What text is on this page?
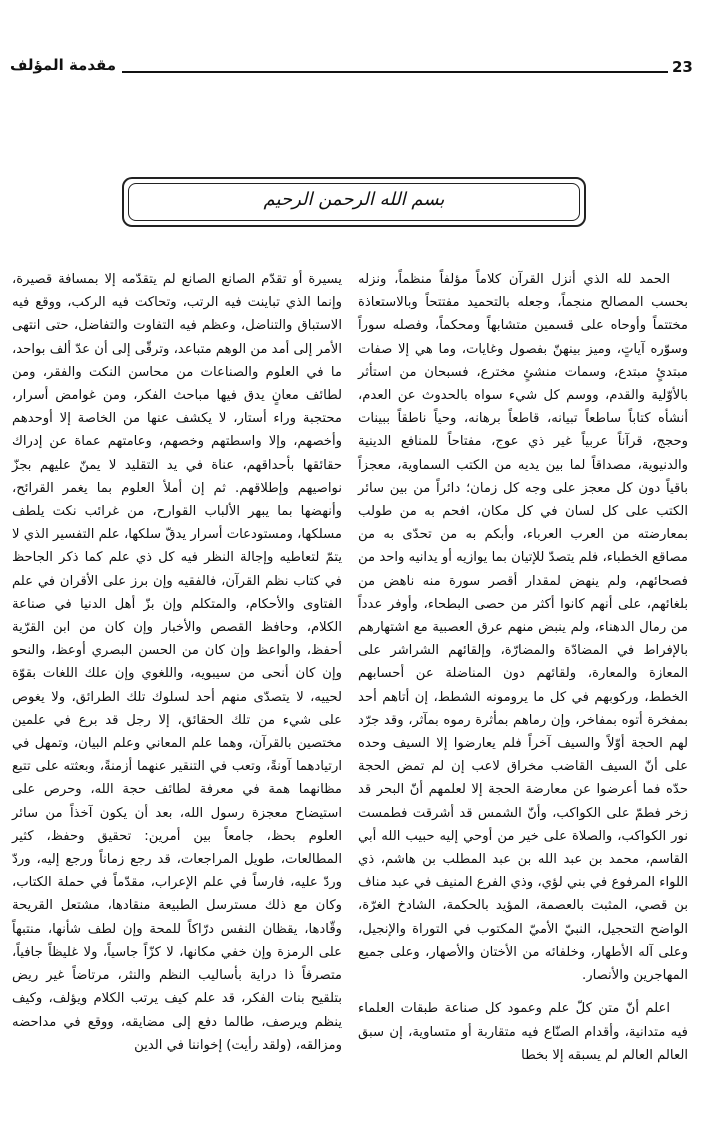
23
مقدمة المؤلف
بسم الله الرحمن الرحيم

الحمد لله الذي أنزل القرآن كلاماً مؤلفاً منظماً، ونزله بحسب المصالح منجماً، وجعله بالتحميد مفتتحاً وبالاستعاذة مختتماً وأوحاه على قسمين متشابهاً ومحكماً، وفصله سوراً وسوّره آياتٍ، وميز بينهنّ بفصول وغايات، وما هي إلا صفات مبتدئٍ مبتدع، وسمات منشئٍ مخترع، فسبحان من استأثر بالأوّلية والقدم، ووسم كل شيء سواه بالحدوث عن العدم، أنشأه كتاباً ساطعاً تبيانه، قاطعاً برهانه، وحياً ناطقاً ببينات وحجج، قرآناً عربياً غير ذي عوج، مفتاحاً للمنافع الدينية والدنيوية، مصداقاً لما بين يديه من الكتب السماوية، معجزاً باقياً دون كل معجز على وجه كل زمان؛ دائراً من بين سائر الكتب على كل لسان في كل مكان، افحم به من طولب بمعارضته من العرب العرباء، وأبكم به من تحدّى به من مصاقع الخطباء، فلم يتصدّ للإتيان بما يوازيه أو يدانيه واحد من فصحائهم، ولم ينهض لمقدار أقصر سورة منه ناهض من بلغائهم، على أنهم كانوا أكثر من حصى البطحاء، وأوفر عدداً من رمال الدهناء، ولم ينبض منهم عرق العصبية مع اشتهارهم بالإفراط في المضادّة والمضارّة، وإلقائهم الشراشر على المعازة والمعارة، ولقائهم دون المناضلة عن أحسابهم الخطط، وركوبهم في كل ما يرومونه الشطط، إن أتاهم أحد بمفخرة أتوه بمفاخر، وإن رماهم بمأثرة رموه بمآثر، وقد جرّد لهم الحجة أوّلاً والسيف آخراً فلم يعارضوا إلا السيف وحده على أنّ السيف القاضب مخراق لاعب إن لم تمض الحجة حدّه فما أعرضوا عن معارضة الحجة إلا لعلمهم أنّ البحر قد زخر فطمّ على الكواكب، وأنّ الشمس قد أشرقت فطمست نور الكواكب، والصلاة على خير من أوحي إليه حبيب الله أبي القاسم، محمد بن عبد الله بن عبد المطلب بن هاشم، ذي اللواء المرفوع في بني لؤي، وذي الفرع المنيف في عبد مناف بن قصي، المثبت بالعصمة، المؤيد بالحكمة، الشادخ الغرّة، الواضح التحجيل، النبيّ الأميّ المكتوب في التوراة والإنجيل، وعلى آله الأطهار، وخلفائه من الأختان والأصهار، وعلى جميع المهاجرين والأنصار.

اعلم أنّ متن كلّ علم وعمود كل صناعة طبقات العلماء فيه متدانية، وأقدام الصنّاع فيه متقاربة أو متساوية، إن سبق العالم العالم لم يسبقه إلا بخطا

يسيرة أو تقدّم الصانع الصانع لم يتقدّمه إلا بمسافة قصيرة، وإنما الذي تباينت فيه الرتب، وتحاكت فيه الركب، ووقع فيه الاستباق والتناضل، وعظم فيه التفاوت والتفاضل، حتى انتهى الأمر إلى أمد من الوهم متباعد، وترقّى إلى أن عدّ ألف بواحد، ما في العلوم والصناعات من محاسن النكت والفقر، ومن لطائف معانٍ يدق فيها مباحث الفكر، ومن غوامض أسرار، محتجبة وراء أستار، لا يكشف عنها من الخاصة إلا أوحدهم وأخصهم، وإلا واسطتهم وخصهم، وعامتهم عماة عن إدراك حقائقها بأحداقهم، عناة في يد التقليد لا يمنّ عليهم بجزّ نواصيهم وإطلاقهم. ثم إن أملأ العلوم بما يغمر القرائح، وأنهضها بما يبهر الألباب القوارح، من غرائب نكت يلطف مسلكها، ومستودعات أسرار يدقّ سلكها، علم التفسير الذي لا يتمّ لتعاطيه وإجالة النظر فيه كل ذي علم كما ذكر الجاحظ في كتاب نظم القرآن، فالفقيه وإن برز على الأقران في علم الفتاوى والأحكام، والمتكلم وإن بزّ أهل الدنيا في صناعة الكلام، وحافظ القصص والأخبار وإن كان من ابن القرّية أحفظ، والواعظ وإن كان من الحسن البصري أوعظ، والنحو وإن كان أنحى من سيبويه، واللغوي وإن علك اللغات بقوّة لحييه، لا يتصدّى منهم أحد لسلوك تلك الطرائق، ولا يغوص على شيء من تلك الحقائق، إلا رجل قد برع في علمين مختصين بالقرآن، وهما علم المعاني وعلم البيان، وتمهل في ارتيادهما آونةً، وتعب في التنقير عنهما أزمنةً، وبعثته على تتبع مظانهما همة في معرفة لطائف حجة الله، وحرص على استيضاح معجزة رسول الله، بعد أن يكون آخذاً من سائر العلوم بحظ، جامعاً بين أمرين: تحقيق وحفظ، كثير المطالعات، طويل المراجعات، قد رجع زماناً ورجع إليه، وردّ وردّ عليه، فارساً في علم الإعراب، مقدّماً في حملة الكتاب، وكان مع ذلك مسترسل الطبيعة منقادها، مشتعل القريحة وقّادها، يقظان النفس درّاكاً للمحة وإن لطف شأنها، منتبهاً على الرمزة وإن خفي مكانها، لا كزّاً جاسياً، ولا غليظاً جافياً، متصرفاً ذا دراية بأساليب النظم والنثر، مرتاضاً غير ريض بتلقيح بنات الفكر، قد علم كيف يرتب الكلام ويؤلف، وكيف ينظم ويرصف، طالما دفع إلى مضايقه، ووقع في مداحضه ومزالقه، (ولقد رأيت) إخواننا في الدين
